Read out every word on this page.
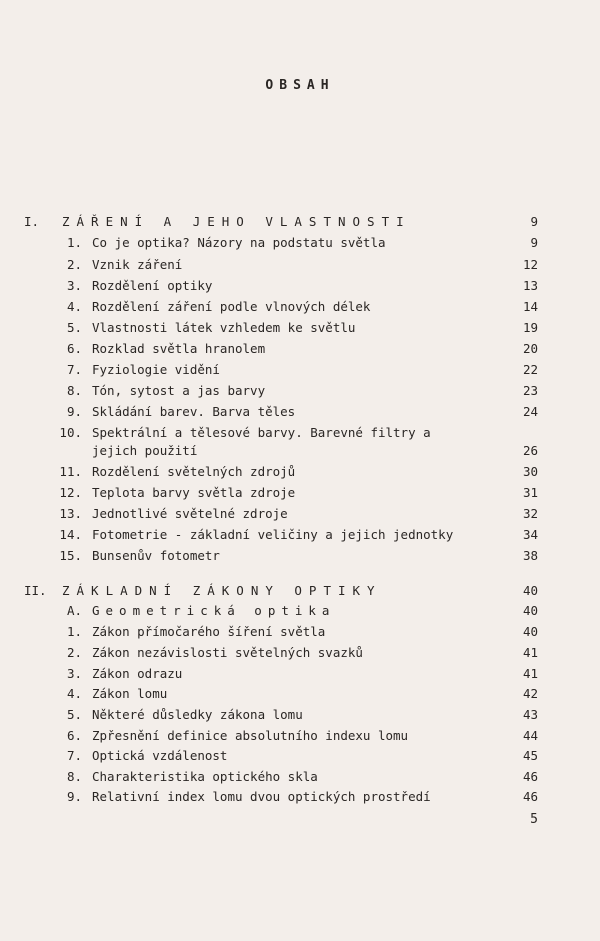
OBSAH
I.	ZÁŘENÍ A JEHO VLASTNOSTI	9
1. Co je optika? Názory na podstatu světla	9
2. Vznik záření	12
3. Rozdělení optiky	13
4. Rozdělení záření podle vlnových délek	14
5. Vlastnosti látek vzhledem ke světlu	19
6. Rozklad světla hranolem	20
7. Fyziologie vidění	22
8. Tón, sytost a jas barvy	23
9. Skládání barev. Barva těles	24
10. Spektrální a tělesové barvy. Barevné filtry a
jejich použití	26
11. Rozdělení světelných zdrojů	30
12. Teplota barvy světla zdroje	31
13. Jednotlivé světelné zdroje	32
14. Fotometrie - základní veličiny a jejich jednotky	34
15. Bunsenův fotometr	38
II.	ZÁKLADNÍ ZÁKONY OPTIKY	40
A. Geometrická optika	40
1. Zákon přímočarého šíření světla	40
2. Zákon nezávislosti světelných svazků	41
3. Zákon odrazu	41
4. Zákon lomu	42
5. Některé důsledky zákona lomu	43
6. Zpřesnění definice absolutního indexu lomu	44
7. Optická vzdálenost	45
8. Charakteristika optického skla	46
9. Relativní index lomu dvou optických prostředí	46
5
